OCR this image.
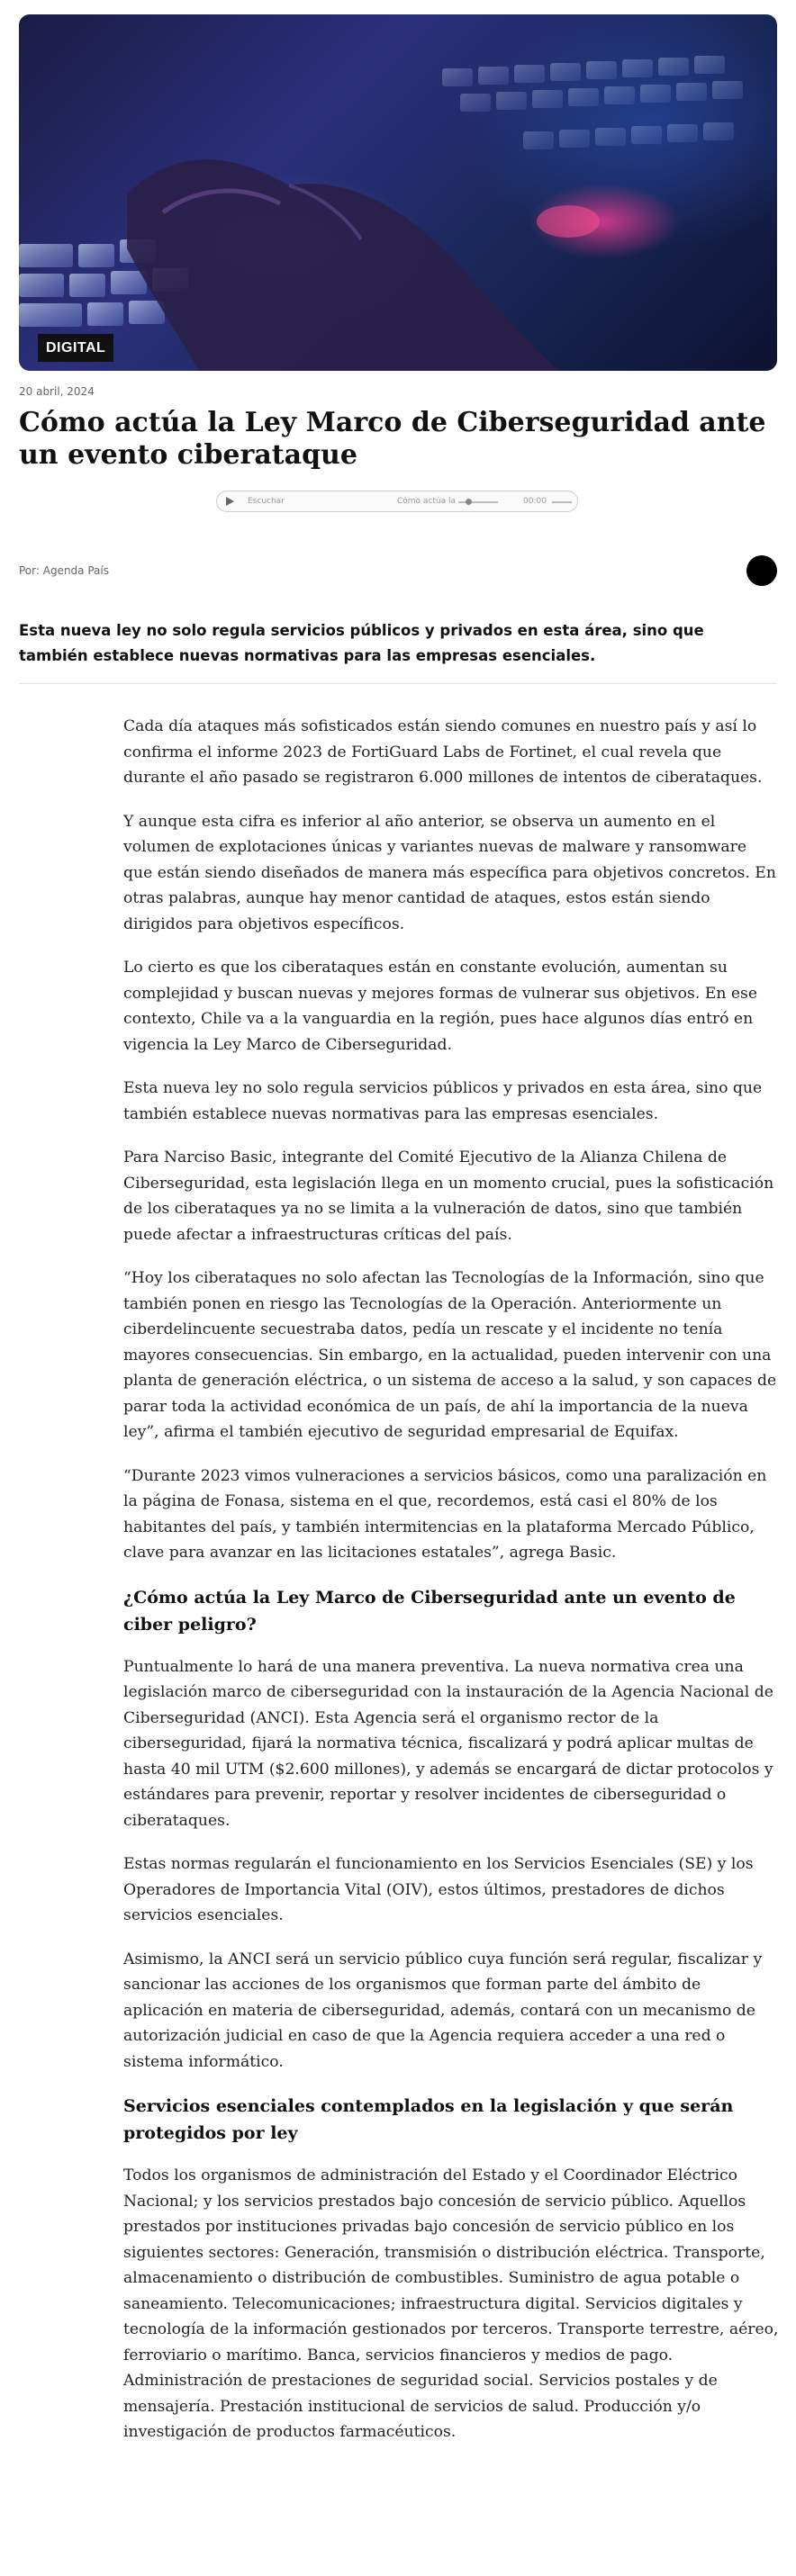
DIGITAL
20 abril, 2024
Cómo actúa la Ley Marco de Ciberseguridad ante un evento ciberataque
Escuchar	Cómo actúa la	00:00
Por: Agenda País

Esta nueva ley no solo regula servicios públicos y privados en esta área, sino que también establece nuevas normativas para las empresas esenciales.

Cada día ataques más sofisticados están siendo comunes en nuestro país y así lo confirma el informe 2023 de FortiGuard Labs de Fortinet, el cual revela que durante el año pasado se registraron 6.000 millones de intentos de ciberataques.

Y aunque esta cifra es inferior al año anterior, se observa un aumento en el volumen de explotaciones únicas y variantes nuevas de malware y ransomware que están siendo diseñados de manera más específica para objetivos concretos. En otras palabras, aunque hay menor cantidad de ataques, estos están siendo dirigidos para objetivos específicos.

Lo cierto es que los ciberataques están en constante evolución, aumentan su complejidad y buscan nuevas y mejores formas de vulnerar sus objetivos. En ese contexto, Chile va a la vanguardia en la región, pues hace algunos días entró en vigencia la Ley Marco de Ciberseguridad.

Esta nueva ley no solo regula servicios públicos y privados en esta área, sino que también establece nuevas normativas para las empresas esenciales.

Para Narciso Basic, integrante del Comité Ejecutivo de la Alianza Chilena de Ciberseguridad, esta legislación llega en un momento crucial, pues la sofisticación de los ciberataques ya no se limita a la vulneración de datos, sino que también puede afectar a infraestructuras críticas del país.

“Hoy los ciberataques no solo afectan las Tecnologías de la Información, sino que también ponen en riesgo las Tecnologías de la Operación. Anteriormente un ciberdelincuente secuestraba datos, pedía un rescate y el incidente no tenía mayores consecuencias. Sin embargo, en la actualidad, pueden intervenir con una planta de generación eléctrica, o un sistema de acceso a la salud, y son capaces de parar toda la actividad económica de un país, de ahí la importancia de la nueva ley”, afirma el también ejecutivo de seguridad empresarial de Equifax.

“Durante 2023 vimos vulneraciones a servicios básicos, como una paralización en la página de Fonasa, sistema en el que, recordemos, está casi el 80% de los habitantes del país, y también intermitencias en la plataforma Mercado Público, clave para avanzar en las licitaciones estatales”, agrega Basic.

¿Cómo actúa la Ley Marco de Ciberseguridad ante un evento de ciber peligro?

Puntualmente lo hará de una manera preventiva. La nueva normativa crea una legislación marco de ciberseguridad con la instauración de la Agencia Nacional de Ciberseguridad (ANCI). Esta Agencia será el organismo rector de la ciberseguridad, fijará la normativa técnica, fiscalizará y podrá aplicar multas de hasta 40 mil UTM ($2.600 millones), y además se encargará de dictar protocolos y estándares para prevenir, reportar y resolver incidentes de ciberseguridad o ciberataques.

Estas normas regularán el funcionamiento en los Servicios Esenciales (SE) y los Operadores de Importancia Vital (OIV), estos últimos, prestadores de dichos servicios esenciales.

Asimismo, la ANCI será un servicio público cuya función será regular, fiscalizar y sancionar las acciones de los organismos que forman parte del ámbito de aplicación en materia de ciberseguridad, además, contará con un mecanismo de autorización judicial en caso de que la Agencia requiera acceder a una red o sistema informático.

Servicios esenciales contemplados en la legislación y que serán protegidos por ley

Todos los organismos de administración del Estado y el Coordinador Eléctrico Nacional; y los servicios prestados bajo concesión de servicio público. Aquellos prestados por instituciones privadas bajo concesión de servicio público en los siguientes sectores: Generación, transmisión o distribución eléctrica. Transporte, almacenamiento o distribución de combustibles. Suministro de agua potable o saneamiento. Telecomunicaciones; infraestructura digital. Servicios digitales y tecnología de la información gestionados por terceros. Transporte terrestre, aéreo, ferroviario o marítimo. Banca, servicios financieros y medios de pago. Administración de prestaciones de seguridad social. Servicios postales y de mensajería. Prestación institucional de servicios de salud. Producción y/o investigación de productos farmacéuticos.
